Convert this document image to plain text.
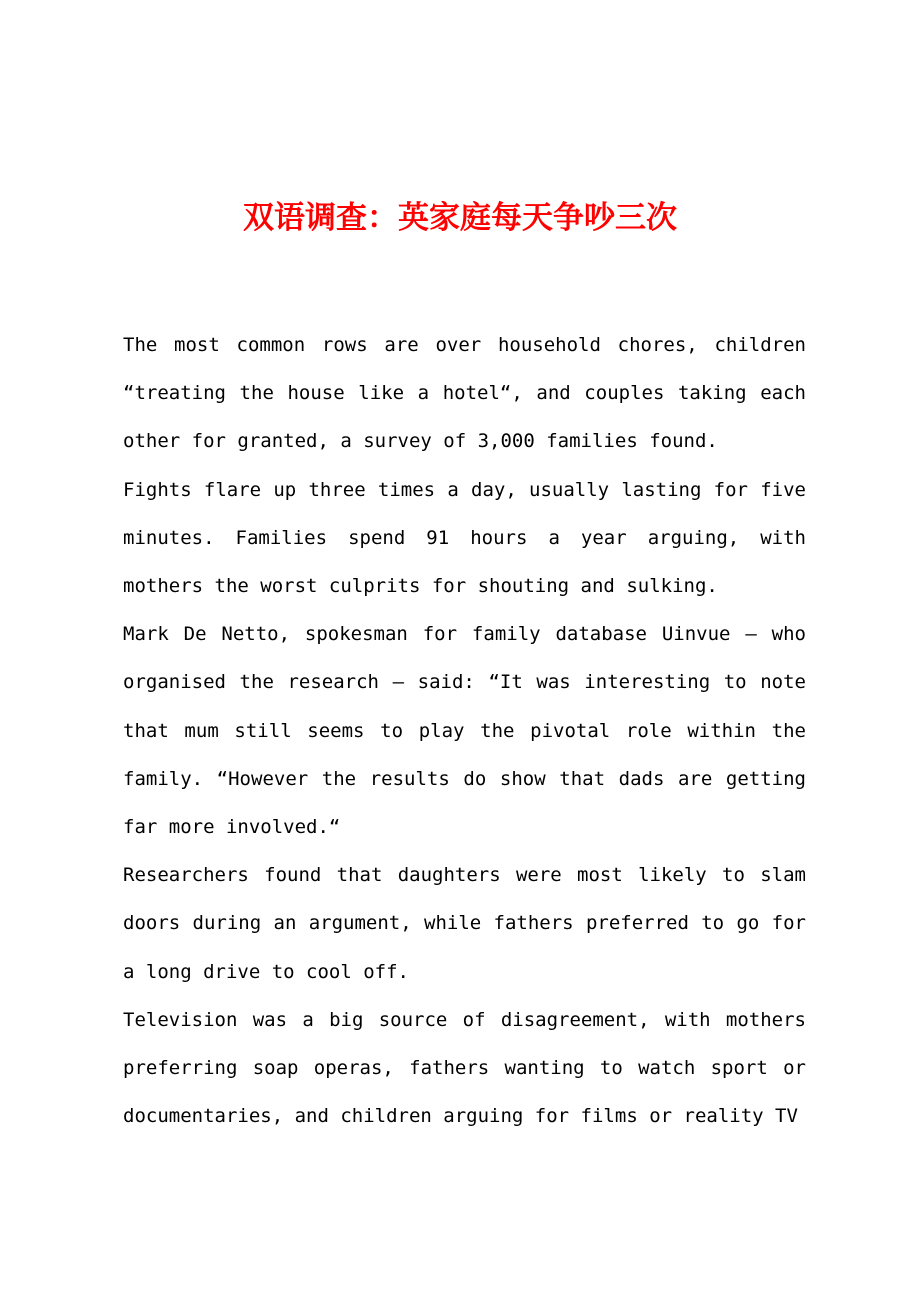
双语调查：英家庭每天争吵三次

The most common rows are over household chores, children “treating the house like a hotel“, and couples taking each other for granted, a survey of 3,000 families found.

Fights flare up three times a day, usually lasting for five minutes. Families spend 91 hours a year arguing, with mothers the worst culprits for shouting and sulking.

Mark De Netto, spokesman for family database Uinvue – who organised the research – said: “It was interesting to note that mum still seems to play the pivotal role within the family. “However the results do show that dads are getting far more involved.“

Researchers found that daughters were most likely to slam doors during an argument, while fathers preferred to go for a long drive to cool off.

Television was a big source of disagreement, with mothers preferring soap operas, fathers wanting to watch sport or documentaries, and children arguing for films or reality TV
